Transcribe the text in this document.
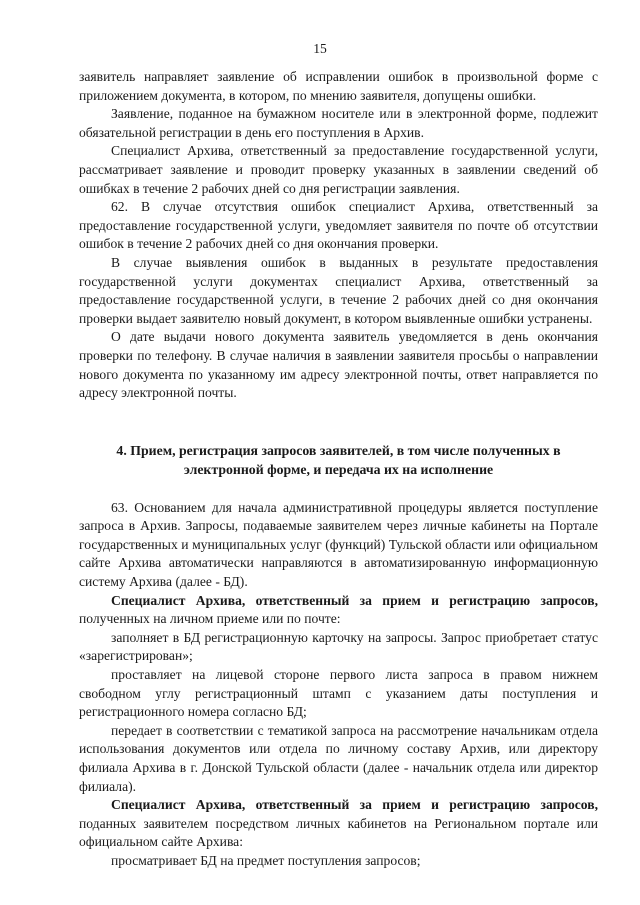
15

заявитель направляет заявление об исправлении ошибок в произвольной форме с приложением документа, в котором, по мнению заявителя, допущены ошибки.

Заявление, поданное на бумажном носителе или в электронной форме, подлежит обязательной регистрации в день его поступления в Архив.

Специалист Архива, ответственный за предоставление государственной услуги, рассматривает заявление и проводит проверку указанных в заявлении сведений об ошибках в течение 2 рабочих дней со дня регистрации заявления.

62. В случае отсутствия ошибок специалист Архива, ответственный за предоставление государственной услуги, уведомляет заявителя по почте об отсутствии ошибок в течение 2 рабочих дней со дня окончания проверки.

В случае выявления ошибок в выданных в результате предоставления государственной услуги документах специалист Архива, ответственный за предоставление государственной услуги, в течение 2 рабочих дней со дня окончания проверки выдает заявителю новый документ, в котором выявленные ошибки устранены.

О дате выдачи нового документа заявитель уведомляется в день окончания проверки по телефону. В случае наличия в заявлении заявителя просьбы о направлении нового документа по указанному им адресу электронной почты, ответ направляется по адресу электронной почты.

4. Прием, регистрация запросов заявителей, в том числе полученных в электронной форме, и передача их на исполнение

63. Основанием для начала административной процедуры является поступление запроса в Архив. Запросы, подаваемые заявителем через личные кабинеты на Портале государственных и муниципальных услуг (функций) Тульской области или официальном сайте Архива автоматически направляются в автоматизированную информационную систему Архива (далее - БД).

Специалист Архива, ответственный за прием и регистрацию запросов, полученных на личном приеме или по почте:

заполняет в БД регистрационную карточку на запросы. Запрос приобретает статус «зарегистрирован»;

проставляет на лицевой стороне первого листа запроса в правом нижнем свободном углу регистрационный штамп с указанием даты поступления и регистрационного номера согласно БД;

передает в соответствии с тематикой запроса на рассмотрение начальникам отдела использования документов или отдела по личному составу Архив, или директору филиала Архива в г. Донской Тульской области (далее - начальник отдела или директор филиала).

Специалист Архива, ответственный за прием и регистрацию запросов, поданных заявителем посредством личных кабинетов на Региональном портале или официальном сайте Архива:

просматривает БД на предмет поступления запросов;
